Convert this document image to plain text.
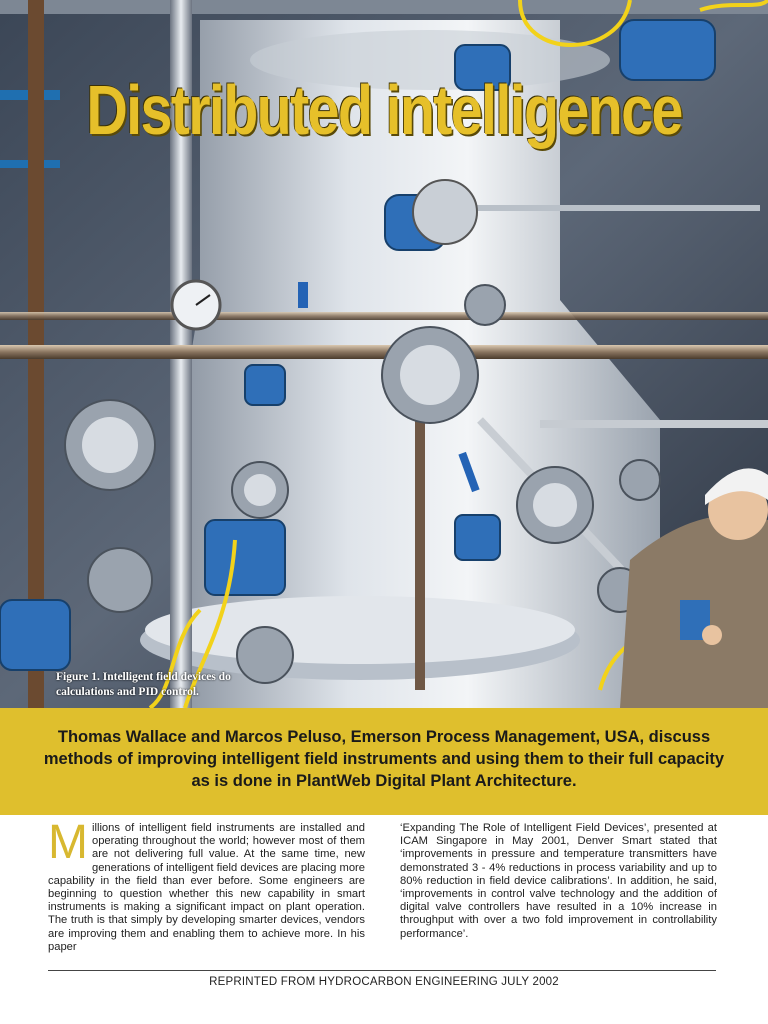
Distributed intelligence
Figure 1. Intelligent field devices do calculations and PID control.
Thomas Wallace and Marcos Peluso, Emerson Process Management, USA, discuss methods of improving intelligent field instruments and using them to their full capacity as is done in PlantWeb Digital Plant Architecture.
M illions of intelligent field instruments are installed and operating throughout the world; however most of them are not delivering full value. At the same time, new generations of intelligent field devices are placing more capability in the field than ever before. Some engineers are beginning to question whether this new capability in smart instruments is making a significant impact on plant operation. The truth is that simply by developing smarter devices, vendors are improving them and enabling them to achieve more. In his paper
‘Expanding The Role of Intelligent Field Devices’, presented at ICAM Singapore in May 2001, Denver Smart stated that ‘improvements in pressure and temperature transmitters have demonstrated 3 - 4% reductions in process variability and up to 80% reduction in field device calibrations’. In addition, he said, ‘improvements in control valve technology and the addition of digital valve controllers have resulted in a 10% increase in throughput with over a two fold improvement in controllability performance’.
REPRINTED FROM HYDROCARBON ENGINEERING JULY 2002
